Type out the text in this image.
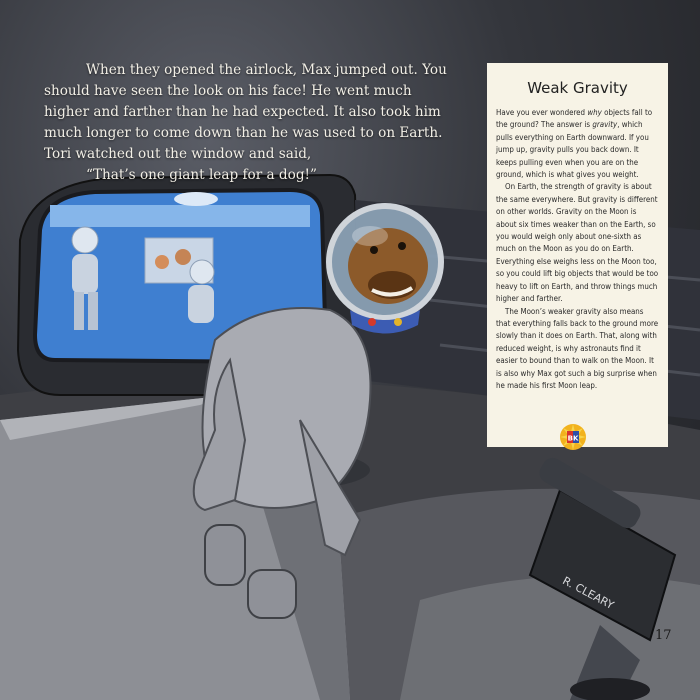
R. CLEARY

When they opened the airlock, Max jumped out. You should have seen the look on his face! He went much higher and farther than he had expected. It also took him much longer to come down than he was used to on Earth. Tori watched out the window and said,

“That’s one giant leap for a dog!”

Weak Gravity

Have you ever wondered why objects fall to the ground? The answer is gravity, which pulls everything on Earth downward. If you jump up, gravity pulls you back down. It keeps pulling even when you are on the ground, which is what gives you weight.

On Earth, the strength of gravity is about the same everywhere. But gravity is different on other worlds. Gravity on the Moon is about six times weaker than on the Earth, so you would weigh only about one-sixth as much on the Moon as you do on Earth. Everything else weighs less on the Moon too, so you could lift big objects that would be too heavy to lift on Earth, and throw things much higher and farther.

The Moon’s weaker gravity also means that everything falls back to the ground more slowly than it does on Earth. That, along with reduced weight, is why astronauts find it easier to bound than to walk on the Moon. It is also why Max got such a big surprise when he made his first Moon leap.

BK
17
